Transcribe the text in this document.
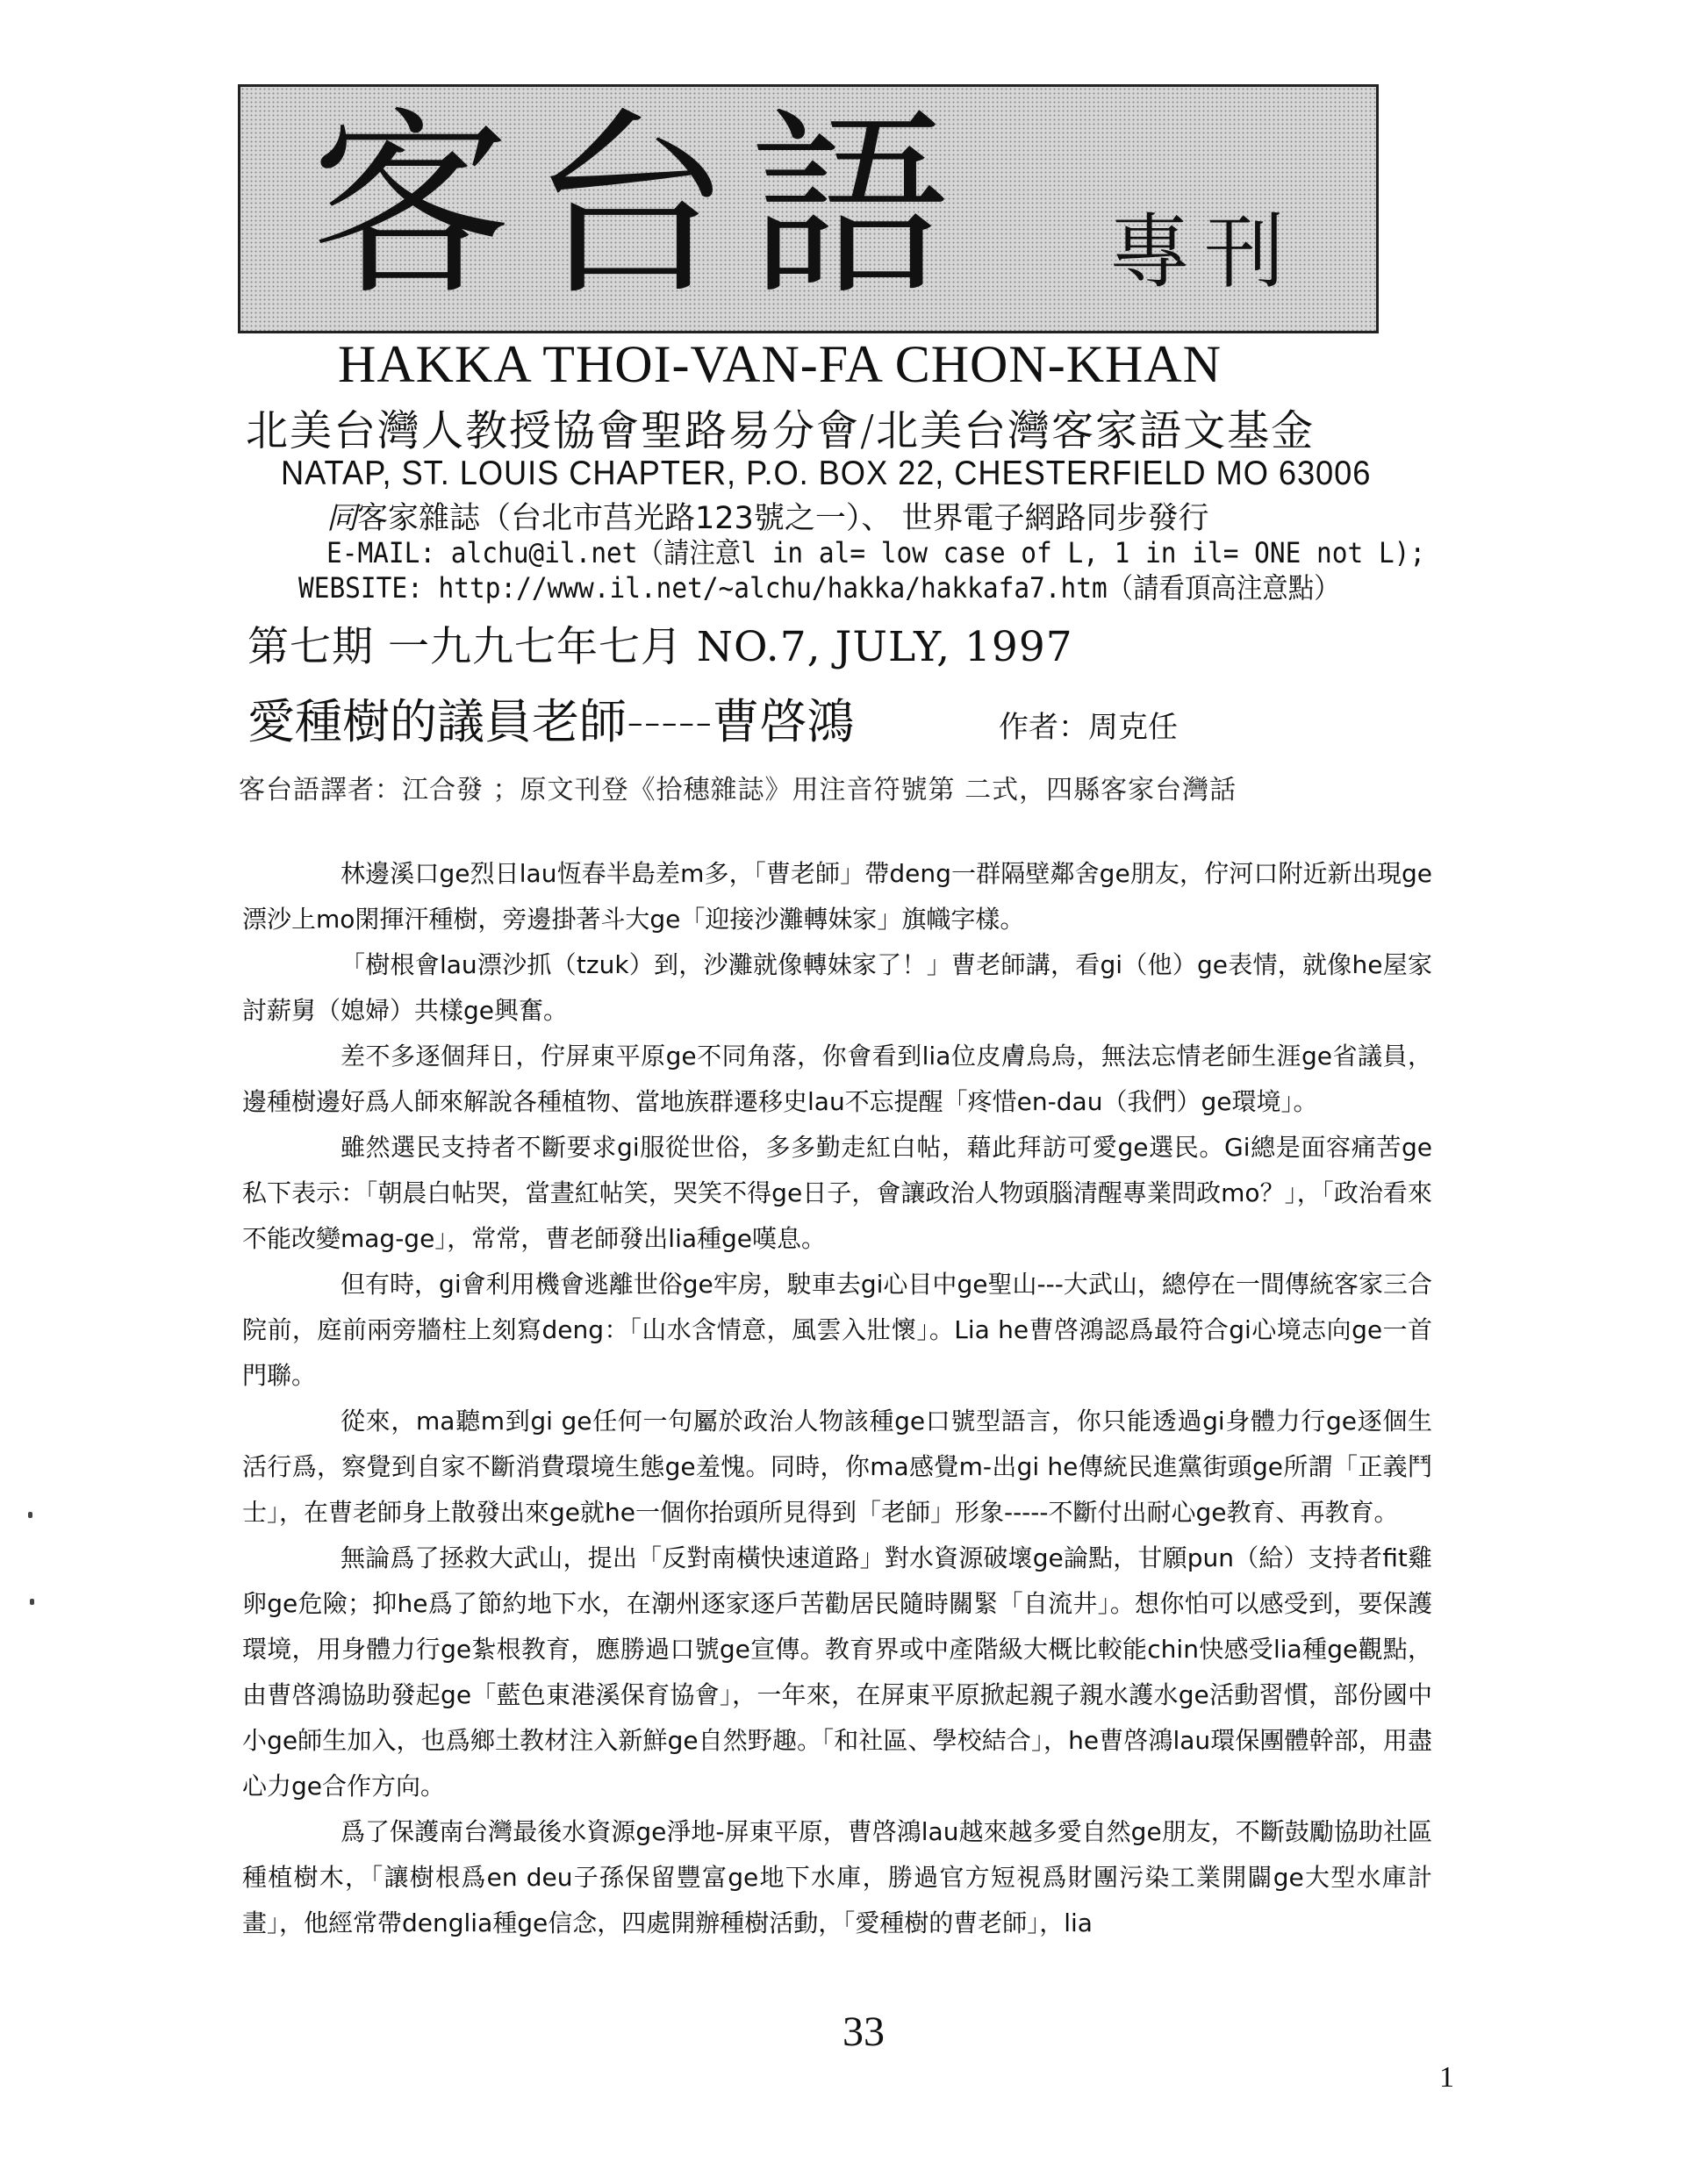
客台語 專刊
HAKKA THOI-VAN-FA CHON-KHAN
北美台灣人教授協會聖路易分會/北美台灣客家語文基金
NATAP, ST. LOUIS CHAPTER, P.O. BOX 22, CHESTERFIELD MO 63006
同客家雜誌（台北市莒光路123號之一）、 世界電子網路同步發行
E-MAIL: alchu@il.net（請注意l in al= low case of L, 1 in il= ONE not L);
WEBSITE: http://www.il.net/~alchu/hakka/hakkafa7.htm（請看頂高注意點）
第七期 一九九七年七月 NO.7, JULY, 1997
愛種樹的議員老師-----曹啓鴻	作者：周克任
客台語譯者：江合發 ；原文刊登《拾穗雜誌》用注音符號第 二式，四縣客家台灣話

林邊溪口ge烈日lau恆春半島差m多，「曹老師」帶deng一群隔壁鄰舍ge朋友，佇河口附近新出現ge漂沙上mo閑揮汗種樹，旁邊掛著斗大ge「迎接沙灘轉妹家」旗幟字樣。

「樹根會lau漂沙抓（tzuk）到，沙灘就像轉妹家了！」曹老師講，看gi（他）ge表情，就像he屋家討薪舅（媳婦）共樣ge興奮。

差不多逐個拜日，佇屏東平原ge不同角落，你會看到lia位皮膚烏烏，無法忘情老師生涯ge省議員，邊種樹邊好爲人師來解說各種植物、當地族群遷移史lau不忘提醒「疼惜en-dau（我們）ge環境」。

雖然選民支持者不斷要求gi服從世俗，多多勤走紅白帖，藉此拜訪可愛ge選民。Gi總是面容痛苦ge私下表示：「朝晨白帖哭，當晝紅帖笑，哭笑不得ge日子，會讓政治人物頭腦清醒專業問政mo？」，「政治看來不能改變mag-ge」，常常，曹老師發出lia種ge嘆息。

但有時，gi會利用機會逃離世俗ge牢房，駛車去gi心目中ge聖山---大武山，總停在一間傳統客家三合院前，庭前兩旁牆柱上刻寫deng：「山水含情意，風雲入壯懷」。Lia he曹啓鴻認爲最符合gi心境志向ge一首門聯。

從來，ma聽m到gi ge任何一句屬於政治人物該種ge口號型語言，你只能透過gi身體力行ge逐個生活行爲，察覺到自家不斷消費環境生態ge羞愧。同時，你ma感覺m-出gi he傳統民進黨街頭ge所謂「正義鬥士」，在曹老師身上散發出來ge就he一個你抬頭所見得到「老師」形象-----不斷付出耐心ge教育、再教育。

無論爲了拯救大武山，提出「反對南橫快速道路」對水資源破壞ge論點，甘願pun（給）支持者fit雞卵ge危險；抑he爲了節約地下水，在潮州逐家逐戶苦勸居民隨時關緊「自流井」。想你怕可以感受到，要保護環境，用身體力行ge紮根教育，應勝過口號ge宣傳。教育界或中產階級大概比較能chin快感受lia種ge觀點，由曹啓鴻協助發起ge「藍色東港溪保育協會」，一年來，在屏東平原掀起親子親水護水ge活動習慣，部份國中小ge師生加入，也爲鄉土教材注入新鮮ge自然野趣。「和社區、學校結合」，he曹啓鴻lau環保團體幹部，用盡心力ge合作方向。

爲了保護南台灣最後水資源ge淨地-屏東平原，曹啓鴻lau越來越多愛自然ge朋友，不斷鼓勵協助社區種植樹木，「讓樹根爲en deu子孫保留豐富ge地下水庫，勝過官方短視爲財團污染工業開闢ge大型水庫計畫」，他經常帶denglia種ge信念，四處開辦種樹活動，「愛種樹的曹老師」，lia

33
1
